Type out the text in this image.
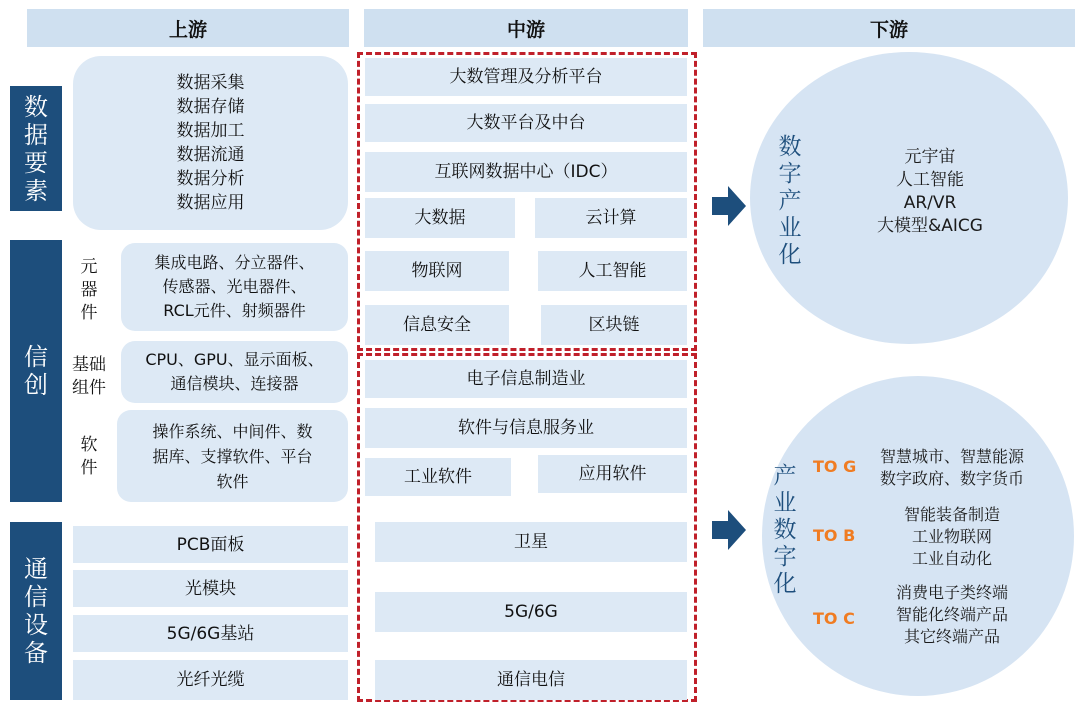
上游	中游	下游
数
据
要
素
信
创
通
信
设
备
数据采集
数据存储
数据加工
数据流通
数据分析
数据应用
元
器
件
基础
组件
软
件
集成电路、分立器件、
传感器、光电器件、
RCL元件、射频器件
CPU、GPU、显示面板、
通信模块、连接器
操作系统、中间件、数
据库、支撑软件、平台
软件
PCB面板
光模块
5G/6G基站
光纤光缆
大数管理及分析平台
大数平台及中台
互联网数据中心（IDC）
大数据	云计算
物联网	人工智能
信息安全	区块链
电子信息制造业
软件与信息服务业
工业软件	应用软件
卫星
5G/6G
通信电信
数
字
产
业
化
元宇宙
人工智能
AR/VR
大模型&AICG
产
业
数
字
化
TO G
智慧城市、智慧能源
数字政府、数字货币
TO B
智能装备制造
工业物联网
工业自动化
TO C
消费电子类终端
智能化终端产品
其它终端产品
